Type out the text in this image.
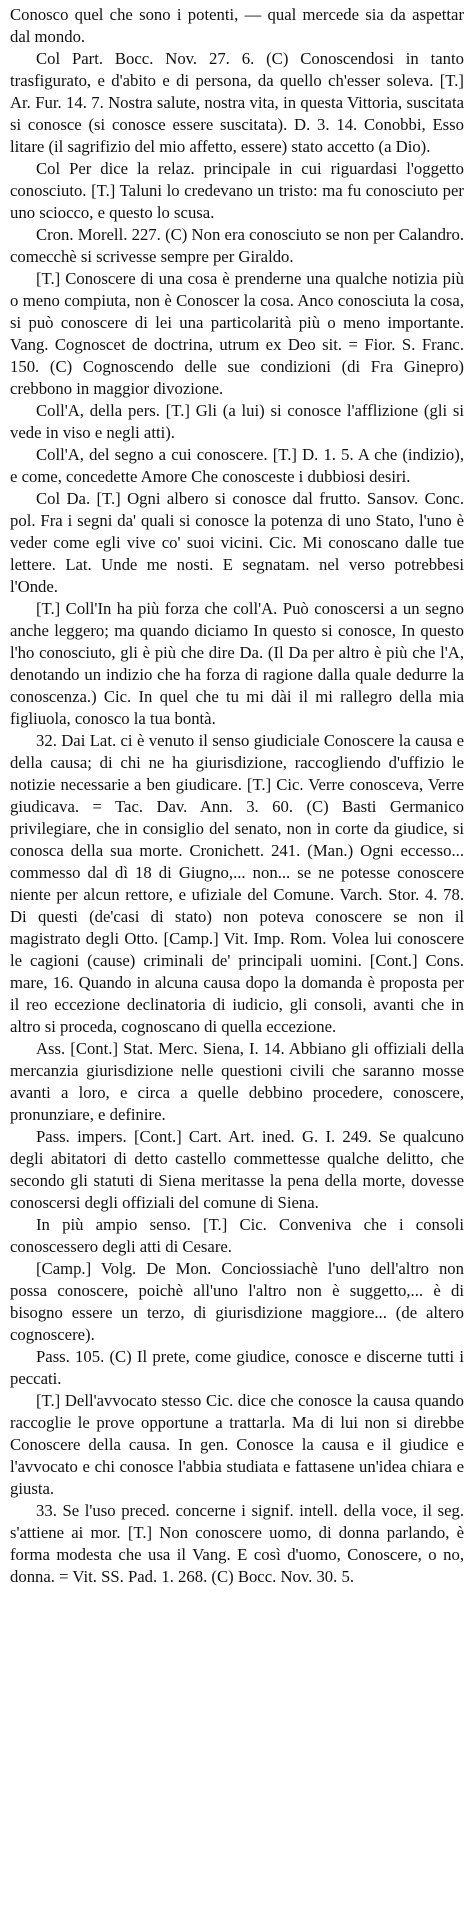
Conosco quel che sono i potenti, — qual mercede sia da aspettar dal mondo.

Col Part. Bocc. Nov. 27. 6. (C) Conoscendosi in tanto trasfigurato, e d'abito e di persona, da quello ch'esser soleva. [T.] Ar. Fur. 14. 7. Nostra salute, nostra vita, in questa Vittoria, suscitata si conosce (si conosce essere suscitata). D. 3. 14. Conobbi, Esso litare (il sagrifizio del mio affetto, essere) stato accetto (a Dio).

Col Per dice la relaz. principale in cui riguardasi l'oggetto conosciuto. [T.] Taluni lo credevano un tristo: ma fu conosciuto per uno sciocco, e questo lo scusa.

Cron. Morell. 227. (C) Non era conosciuto se non per Calandro. comecchè si scrivesse sempre per Giraldo.

[T.] Conoscere di una cosa è prenderne una qualche notizia più o meno compiuta, non è Conoscer la cosa. Anco conosciuta la cosa, si può conoscere di lei una particolarità più o meno importante. Vang. Cognoscet de doctrina, utrum ex Deo sit. = Fior. S. Franc. 150. (C) Cognoscendo delle sue condizioni (di Fra Ginepro) crebbono in maggior divozione.

Coll'A, della pers. [T.] Gli (a lui) si conosce l'afflizione (gli si vede in viso e negli atti).

Coll'A, del segno a cui conoscere. [T.] D. 1. 5. A che (indizio), e come, concedette Amore Che conosceste i dubbiosi desiri.

Col Da. [T.] Ogni albero si conosce dal frutto. Sansov. Conc. pol. Fra i segni da' quali si conosce la potenza di uno Stato, l'uno è veder come egli vive co' suoi vicini. Cic. Mi conoscano dalle tue lettere. Lat. Unde me nosti. E segnatam. nel verso potrebbesi l'Onde.

[T.] Coll'In ha più forza che coll'A. Può conoscersi a un segno anche leggero; ma quando diciamo In questo si conosce, In questo l'ho conosciuto, gli è più che dire Da. (Il Da per altro è più che l'A, denotando un indizio che ha forza di ragione dalla quale dedurre la conoscenza.) Cic. In quel che tu mi dài il mi rallegro della mia figliuola, conosco la tua bontà.

32. Dai Lat. ci è venuto il senso giudiciale Conoscere la causa e della causa; di chi ne ha giurisdizione, raccogliendo d'uffizio le notizie necessarie a ben giudicare. [T.] Cic. Verre conosceva, Verre giudicava. = Tac. Dav. Ann. 3. 60. (C) Basti Germanico privilegiare, che in consiglio del senato, non in corte da giudice, si conosca della sua morte. Cronichett. 241. (Man.) Ogni eccesso... commesso dal dì 18 di Giugno,... non... se ne potesse conoscere niente per alcun rettore, e ufiziale del Comune. Varch. Stor. 4. 78. Di questi (de'casi di stato) non poteva conoscere se non il magistrato degli Otto. [Camp.] Vit. Imp. Rom. Volea lui conoscere le cagioni (cause) criminali de' principali uomini. [Cont.] Cons. mare, 16. Quando in alcuna causa dopo la domanda è proposta per il reo eccezione declinatoria di iudicio, gli consoli, avanti che in altro si proceda, cognoscano di quella eccezione.

Ass. [Cont.] Stat. Merc. Siena, I. 14. Abbiano gli offiziali della mercanzia giurisdizione nelle questioni civili che saranno mosse avanti a loro, e circa a quelle debbino procedere, conoscere, pronunziare, e definire.

Pass. impers. [Cont.] Cart. Art. ined. G. I. 249. Se qualcuno degli abitatori di detto castello commettesse qualche delitto, che secondo gli statuti di Siena meritasse la pena della morte, dovesse conoscersi degli offiziali del comune di Siena.

In più ampio senso. [T.] Cic. Conveniva che i consoli conoscessero degli atti di Cesare.

[Camp.] Volg. De Mon. Conciossiachè l'uno dell'altro non possa conoscere, poichè all'uno l'altro non è suggetto,... è di bisogno essere un terzo, di giurisdizione maggiore... (de altero cognoscere).

Pass. 105. (C) Il prete, come giudice, conosce e discerne tutti i peccati.

[T.] Dell'avvocato stesso Cic. dice che conosce la causa quando raccoglie le prove opportune a trattarla. Ma di lui non si direbbe Conoscere della causa. In gen. Conosce la causa e il giudice e l'avvocato e chi conosce l'abbia studiata e fattasene un'idea chiara e giusta.

33. Se l'uso preced. concerne i signif. intell. della voce, il seg. s'attiene ai mor. [T.] Non conoscere uomo, di donna parlando, è forma modesta che usa il Vang. E così d'uomo, Conoscere, o no, donna. = Vit. SS. Pad. 1. 268. (C) Bocc. Nov. 30. 5.
